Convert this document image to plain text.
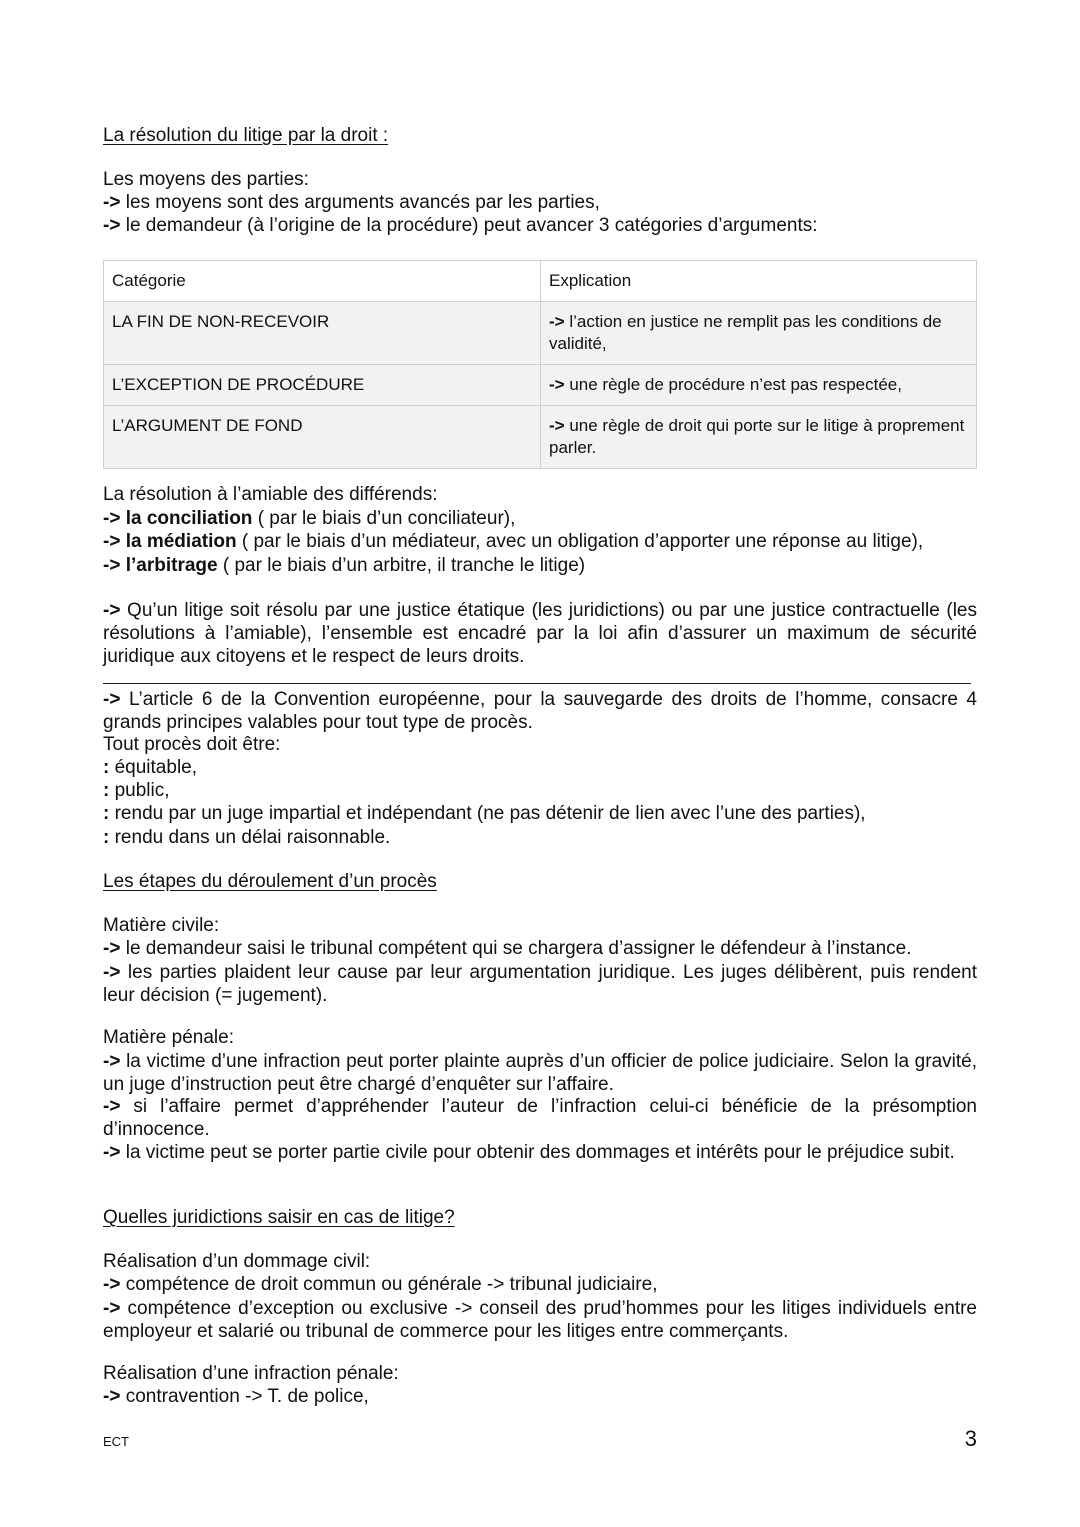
La résolution du litige par la droit :

Les moyens des parties:

-> les moyens sont des arguments avancés par les parties,

-> le demandeur (à l’origine de la procédure) peut avancer 3 catégories d’arguments:

Catégorie	Explication
LA FIN DE NON-RECEVOIR	-> l’action en justice ne remplit pas les conditions de validité,
L’EXCEPTION DE PROCÉDURE	-> une règle de procédure n’est pas respectée,
L’ARGUMENT DE FOND	-> une règle de droit qui porte sur le litige à proprement parler.

La résolution à l’amiable des différends:

-> la conciliation ( par le biais d’un conciliateur),

-> la médiation ( par le biais d’un médiateur, avec un obligation d’apporter une réponse au litige),

-> l’arbitrage ( par le biais d’un arbitre, il tranche le litige)

-> Qu’un litige soit résolu par une justice étatique (les juridictions) ou par une justice contractuelle (les résolutions à l’amiable), l’ensemble est encadré par la loi afin d’assurer un maximum de sécurité juridique aux citoyens et le respect de leurs droits.

-> L’article 6 de la Convention européenne, pour la sauvegarde des droits de l’homme, consacre 4 grands principes valables pour tout type de procès.

Tout procès doit être:

: équitable,

: public,

: rendu par un juge impartial et indépendant (ne pas détenir de lien avec l’une des parties),

: rendu dans un délai raisonnable.

Les étapes du déroulement d’un procès

Matière civile:

-> le demandeur saisi le tribunal compétent qui se chargera d’assigner le défendeur à l’instance.

-> les parties plaident leur cause par leur argumentation juridique. Les juges délibèrent, puis rendent leur décision (= jugement).

Matière pénale:

-> la victime d’une infraction peut porter plainte auprès d’un officier de police judiciaire. Selon la gravité, un juge d’instruction peut être chargé d’enquêter sur l’affaire.

-> si l’affaire permet d’appréhender l’auteur de l’infraction celui-ci bénéficie de la présomption d’innocence.

-> la victime peut se porter partie civile pour obtenir des dommages et intérêts pour le préjudice subit.

Quelles juridictions saisir en cas de litige?

Réalisation d’un dommage civil:

-> compétence de droit commun ou générale -> tribunal judiciaire,

-> compétence d’exception ou exclusive -> conseil des prud’hommes pour les litiges individuels entre employeur et salarié ou tribunal de commerce pour les litiges entre commerçants.

Réalisation d’une infraction pénale:

-> contravention -> T. de police,

ECT	3
